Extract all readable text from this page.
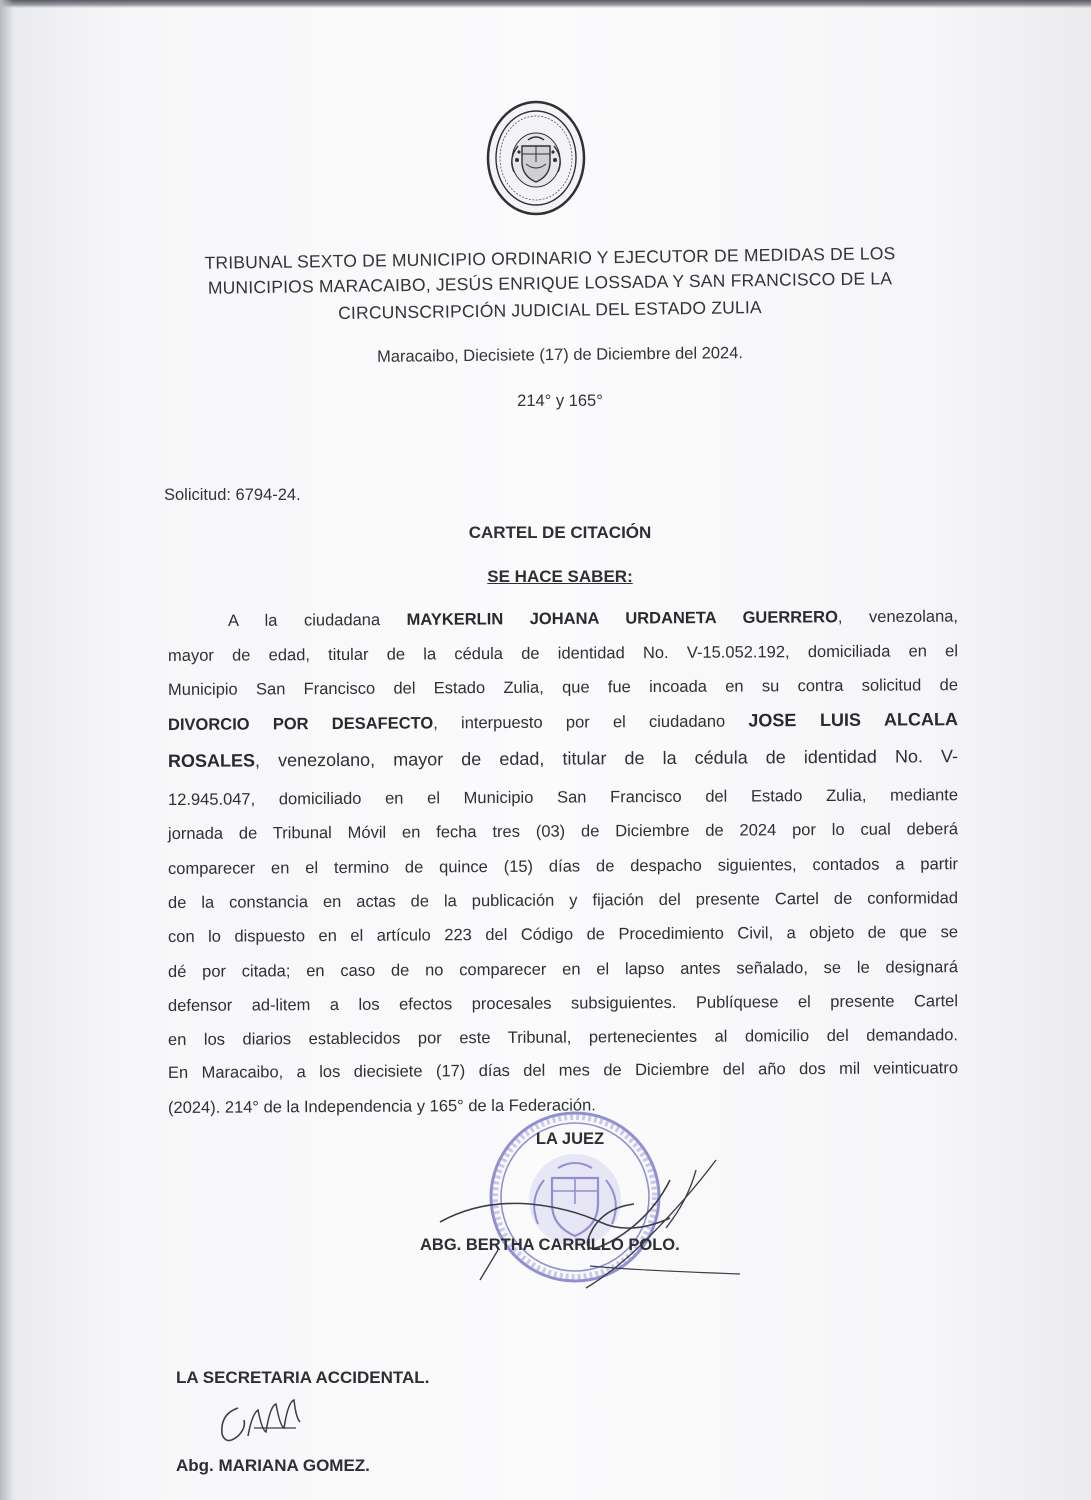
TRIBUNAL SEXTO DE MUNICIPIO ORDINARIO Y EJECUTOR DE MEDIDAS DE LOS
MUNICIPIOS MARACAIBO, JESÚS ENRIQUE LOSSADA Y SAN FRANCISCO DE LA
CIRCUNSCRIPCIÓN JUDICIAL DEL ESTADO ZULIA
Maracaibo, Diecisiete (17) de Diciembre del 2024.
214° y 165°
Solicitud: 6794-24.
CARTEL DE CITACIÓN
SE HACE SABER:
A la ciudadana MAYKERLIN JOHANA URDANETA GUERRERO, venezolana,
mayor de edad, titular de la cédula de identidad No. V-15.052.192, domiciliada en el
Municipio San Francisco del Estado Zulia, que fue incoada en su contra solicitud de
DIVORCIO POR DESAFECTO, interpuesto por el ciudadano JOSE LUIS ALCALA
ROSALES, venezolano, mayor de edad, titular de la cédula de identidad No. V-
12.945.047, domiciliado en el Municipio San Francisco del Estado Zulia, mediante
jornada de Tribunal Móvil en fecha tres (03) de Diciembre de 2024 por lo cual deberá
comparecer en el termino de quince (15) días de despacho siguientes, contados a partir
de la constancia en actas de la publicación y fijación del presente Cartel de conformidad
con lo dispuesto en el artículo 223 del Código de Procedimiento Civil, a objeto de que se
dé por citada; en caso de no comparecer en el lapso antes señalado, se le designará
defensor ad-litem a los efectos procesales subsiguientes. Publíquese el presente Cartel
en los diarios establecidos por este Tribunal, pertenecientes al domicilio del demandado.
En Maracaibo, a los diecisiete (17) días del mes de Diciembre del año dos mil veinticuatro
(2024). 214° de la Independencia y 165° de la Federación.
LA JUEZ
ABG. BERTHA CARRILLO POLO.
LA SECRETARIA ACCIDENTAL.
Abg. MARIANA GOMEZ.
